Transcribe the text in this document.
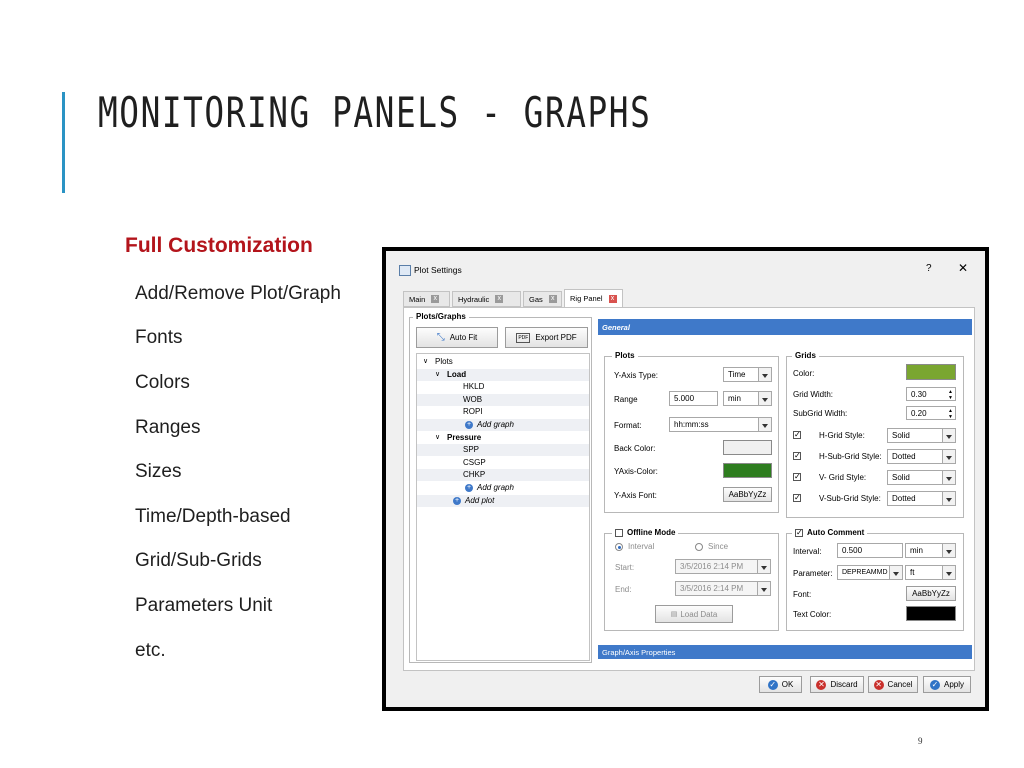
MONITORING PANELS - GRAPHS
Full Customization
Add/Remove Plot/Graph
Fonts
Colors
Ranges
Sizes
Time/Depth-based
Grid/Sub-Grids
Parameters Unit
etc.
9
Plot Settings	? ✕
Main	x	Hydraulic	x	Gas	x	Rig Panel	x
Plots/Graphs
⤡ Auto Fit	PDF Export PDF
∨ Plots
∨ Load
HKLD
WOB
ROPI
+ Add graph
∨ Pressure
SPP
CSGP
CHKP
+ Add graph
+ Add plot
General
Plots
Y-Axis Type:	Time
Range	5.000	min
Format:	hh:mm:ss
Back Color:
YAxis-Color:
Y-Axis Font:	AaBbYyZz
Grids
Color:
Grid Width:	0.30	▲
▼
SubGrid Width:	0.20	▲
▼
✓ H-Grid Style:	Solid
✓ H-Sub-Grid Style: Dotted
✓ V- Grid Style:	Solid
✓ V-Sub-Grid Style: Dotted
Offline Mode
Interval	Since
Start:	3/5/2016 2:14 PM
End:	3/5/2016 2:14 PM
▤ Load Data
✓ Auto Comment
Interval:	0.500	min
Parameter: DEPREAMMD	ft
Font:	AaBbYyZz
Text Color:
Graph/Axis Properties
✓ OK	✕ Discard ✕ Cancel ✓ Apply
